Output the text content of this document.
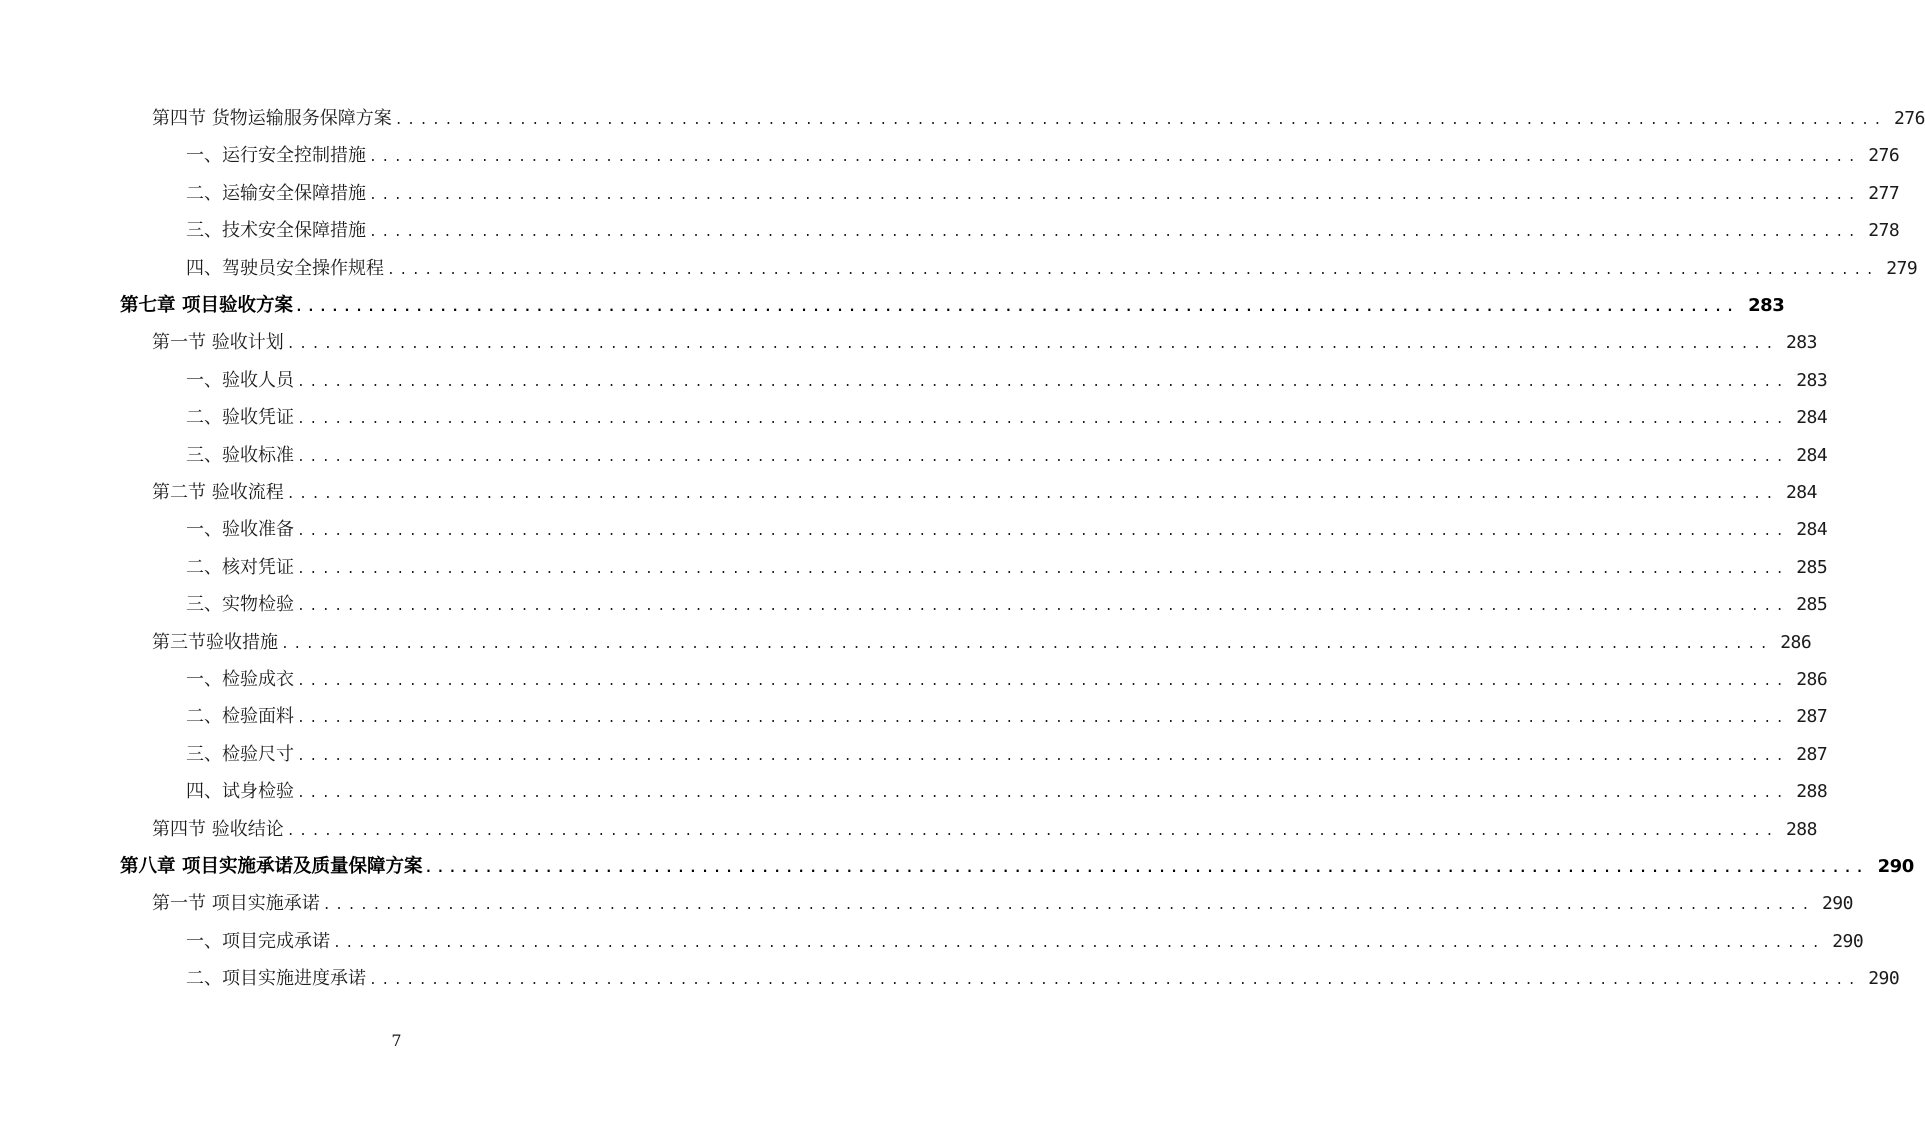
第四节 货物运输服务保障方案 ........................................................................................................................ 276
一、运行安全控制措施 ........................................................................................................................ 276
二、运输安全保障措施 ........................................................................................................................ 277
三、技术安全保障措施 ........................................................................................................................ 278
四、驾驶员安全操作规程 ........................................................................................................................ 279
第七章 项目验收方案 ........................................................................................................................ 283
第一节 验收计划 ........................................................................................................................ 283
一、验收人员 ........................................................................................................................ 283
二、验收凭证 ........................................................................................................................ 284
三、验收标准 ........................................................................................................................ 284
第二节 验收流程 ........................................................................................................................ 284
一、验收准备 ........................................................................................................................ 284
二、核对凭证 ........................................................................................................................ 285
三、实物检验 ........................................................................................................................ 285
第三节验收措施 ........................................................................................................................ 286
一、检验成衣 ........................................................................................................................ 286
二、检验面料 ........................................................................................................................ 287
三、检验尺寸 ........................................................................................................................ 287
四、试身检验 ........................................................................................................................ 288
第四节 验收结论 ........................................................................................................................ 288
第八章 项目实施承诺及质量保障方案 ........................................................................................................................ 290
第一节 项目实施承诺 ........................................................................................................................ 290
一、项目完成承诺 ........................................................................................................................ 290
二、项目实施进度承诺 ........................................................................................................................ 290
7
